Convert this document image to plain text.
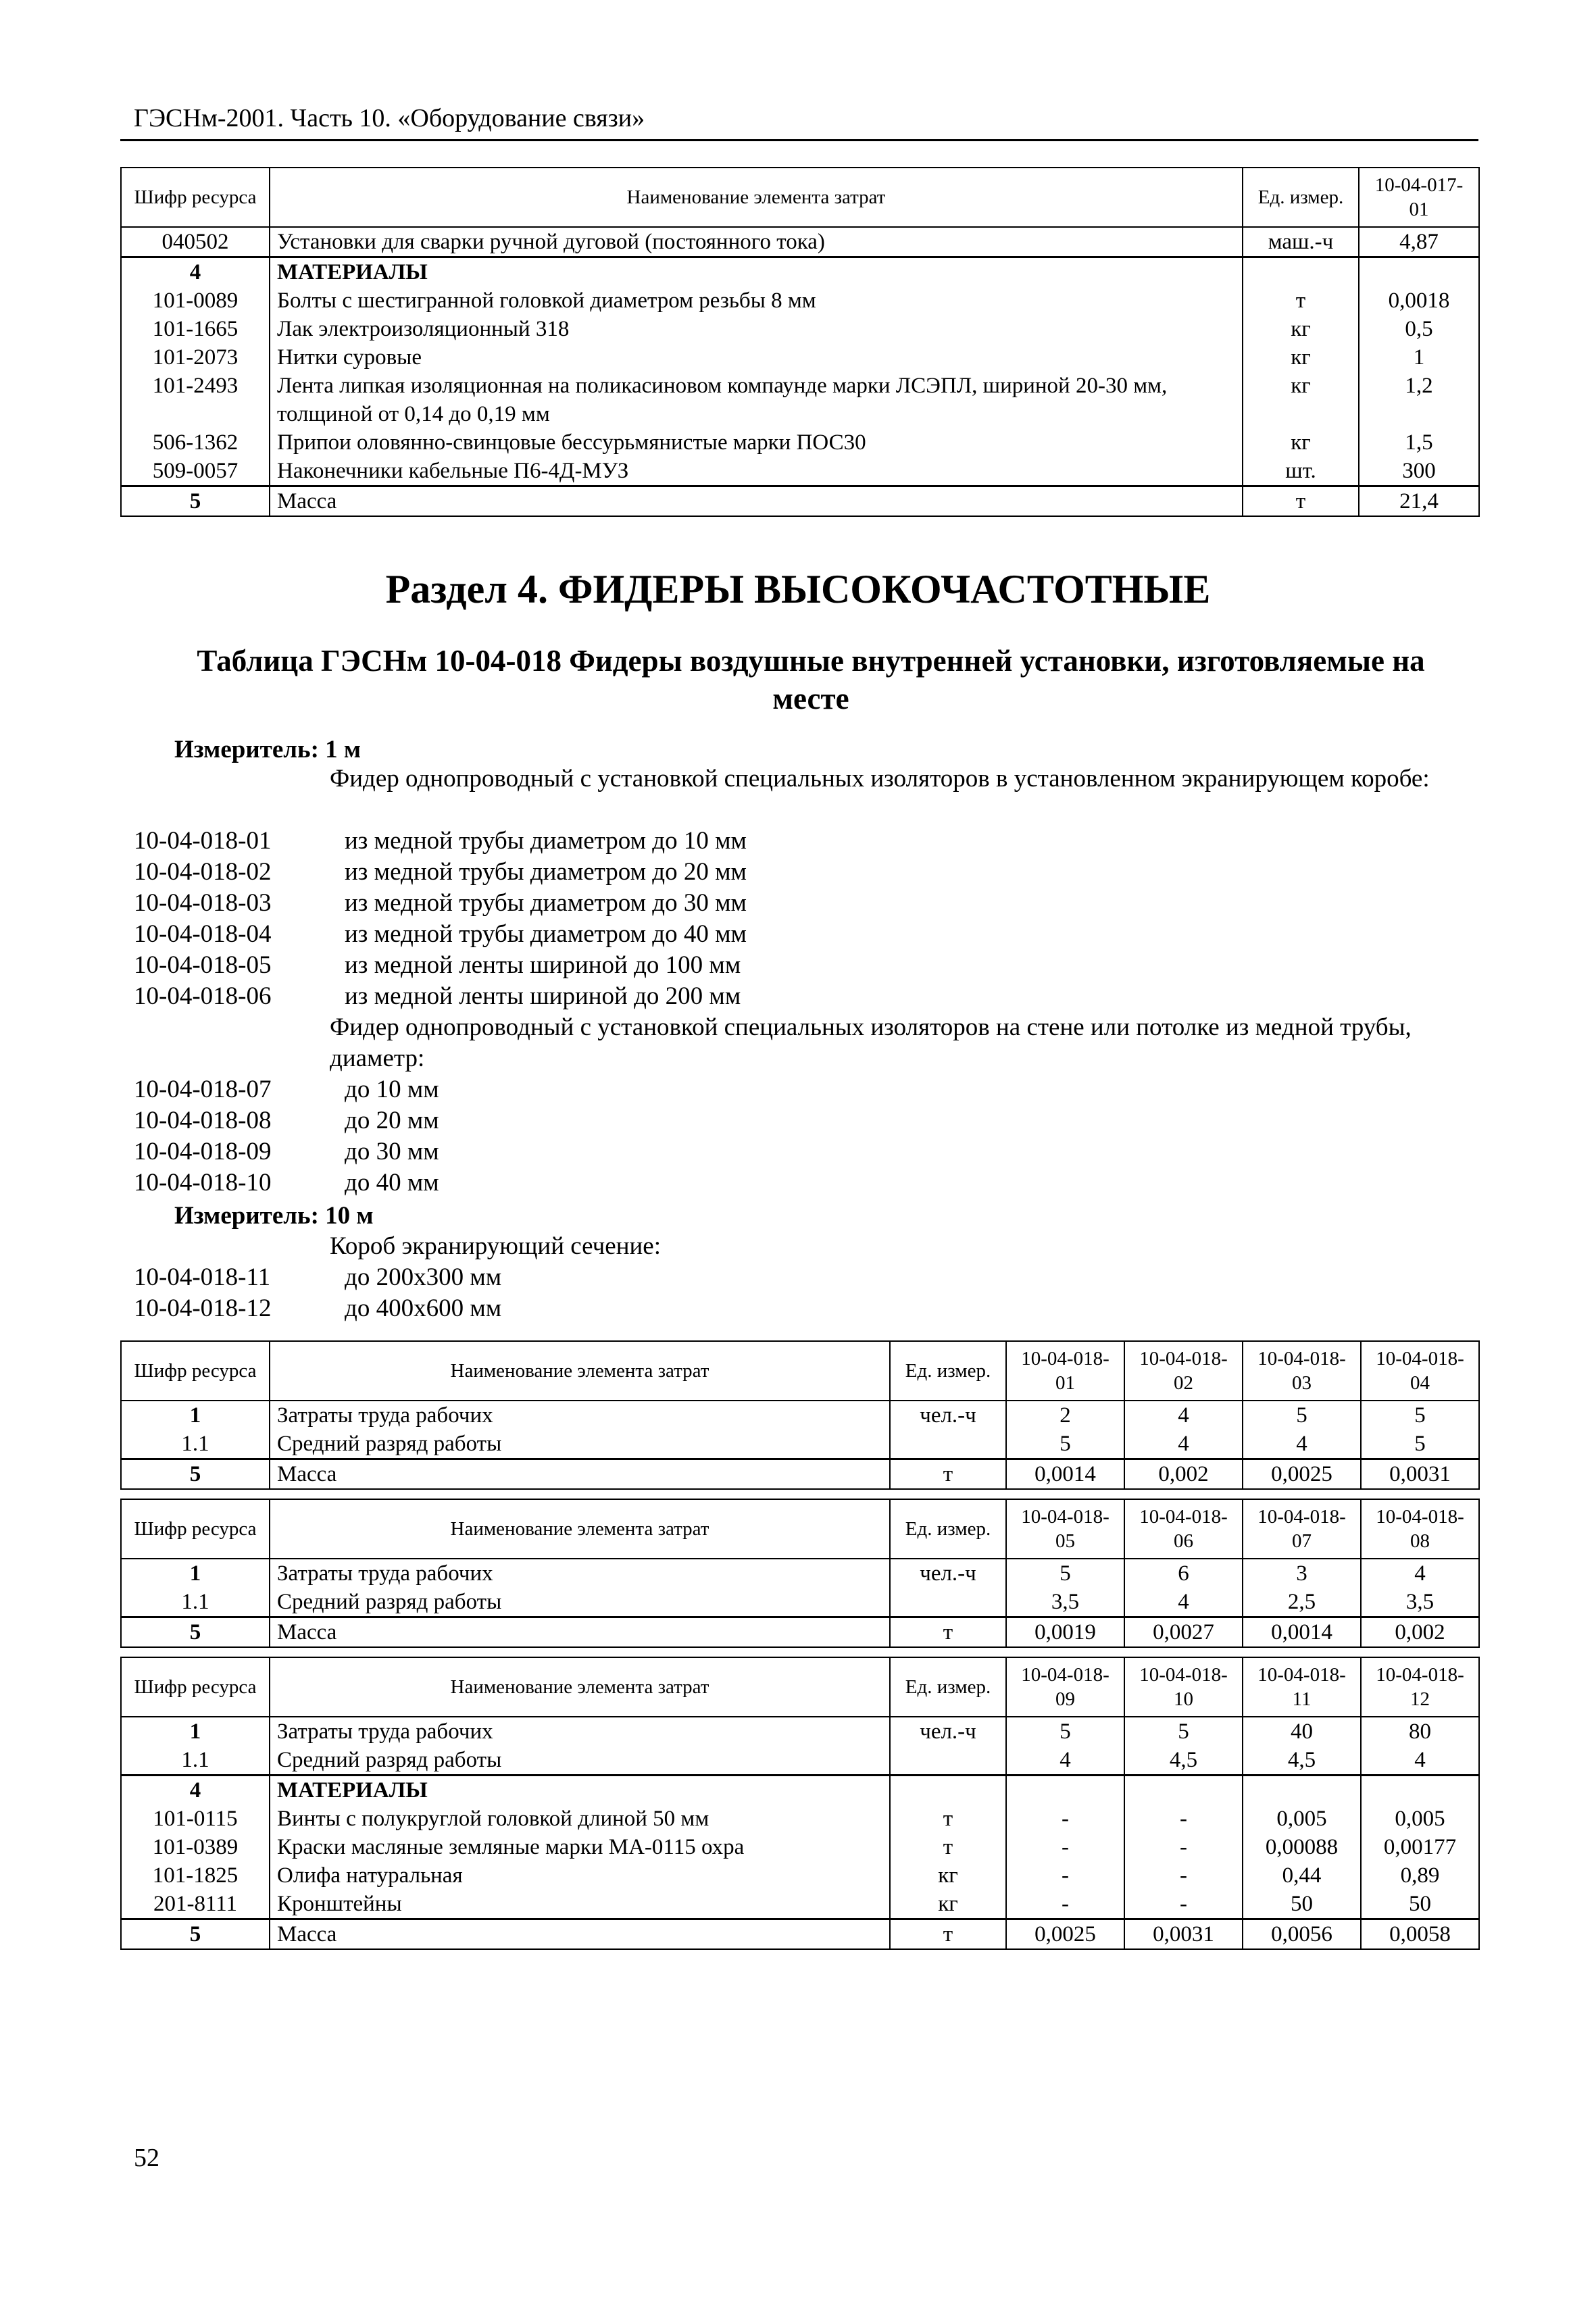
ГЭСНм-2001. Часть 10. «Оборудование связи»
Шифр ресурса	Наименование элемента затрат	Ед. измер.	10-04-017-01
040502	Установки для сварки ручной дуговой (постоянного тока)	маш.-ч	4,87
4	МАТЕРИАЛЫ		
101-0089	Болты с шестигранной головкой диаметром резьбы 8 мм	т	0,0018
101-1665	Лак электроизоляционный 318	кг	0,5
101-2073	Нитки суровые	кг	1
101-2493	Лента липкая изоляционная на поликасиновом компаунде марки ЛСЭПЛ, шириной 20-30 мм, толщиной от 0,14 до 0,19 мм	кг	1,2
506-1362	Припои оловянно-свинцовые бессурьмянистые марки ПОС30	кг	1,5
509-0057	Наконечники кабельные П6-4Д-МУЗ	шт.	300
5	Масса	т	21,4
Раздел 4. ФИДЕРЫ ВЫСОКОЧАСТОТНЫЕ
Таблица ГЭСНм 10-04-018 Фидеры воздушные внутренней установки, изготовляемые на месте
Измеритель: 1 м
Фидер однопроводный с установкой специальных изоляторов в установленном экранирующем коробе:
10-04-018-01	из медной трубы диаметром до 10 мм
10-04-018-02	из медной трубы диаметром до 20 мм
10-04-018-03	из медной трубы диаметром до 30 мм
10-04-018-04	из медной трубы диаметром до 40 мм
10-04-018-05	из медной ленты шириной до 100 мм
10-04-018-06	из медной ленты шириной до 200 мм
Фидер однопроводный с установкой специальных изоляторов на стене или потолке из медной трубы, диаметр:
10-04-018-07	до 10 мм
10-04-018-08	до 20 мм
10-04-018-09	до 30 мм
10-04-018-10	до 40 мм
Измеритель: 10 м
Короб экранирующий сечение:
10-04-018-11	до 200x300 мм
10-04-018-12	до 400x600 мм
Шифр ресурса	Наименование элемента затрат	Ед. измер.	10-04-018-01	10-04-018-02	10-04-018-03	10-04-018-04
1	Затраты труда рабочих	чел.-ч	2	4	5	5
1.1	Средний разряд работы		5	4	4	5
5	Масса	т	0,0014	0,002	0,0025	0,0031
Шифр ресурса	Наименование элемента затрат	Ед. измер.	10-04-018-05	10-04-018-06	10-04-018-07	10-04-018-08
1	Затраты труда рабочих	чел.-ч	5	6	3	4
1.1	Средний разряд работы		3,5	4	2,5	3,5
5	Масса	т	0,0019	0,0027	0,0014	0,002
Шифр ресурса	Наименование элемента затрат	Ед. измер.	10-04-018-09	10-04-018-10	10-04-018-11	10-04-018-12
1	Затраты труда рабочих	чел.-ч	5	5	40	80
1.1	Средний разряд работы		4	4,5	4,5	4
4	МАТЕРИАЛЫ					
101-0115	Винты с полукруглой головкой длиной 50 мм	т	-	-	0,005	0,005
101-0389	Краски масляные земляные марки МА-0115 охра	т	-	-	0,00088	0,00177
101-1825	Олифа натуральная	кг	-	-	0,44	0,89
201-8111	Кронштейны	кг	-	-	50	50
5	Масса	т	0,0025	0,0031	0,0056	0,0058
52
